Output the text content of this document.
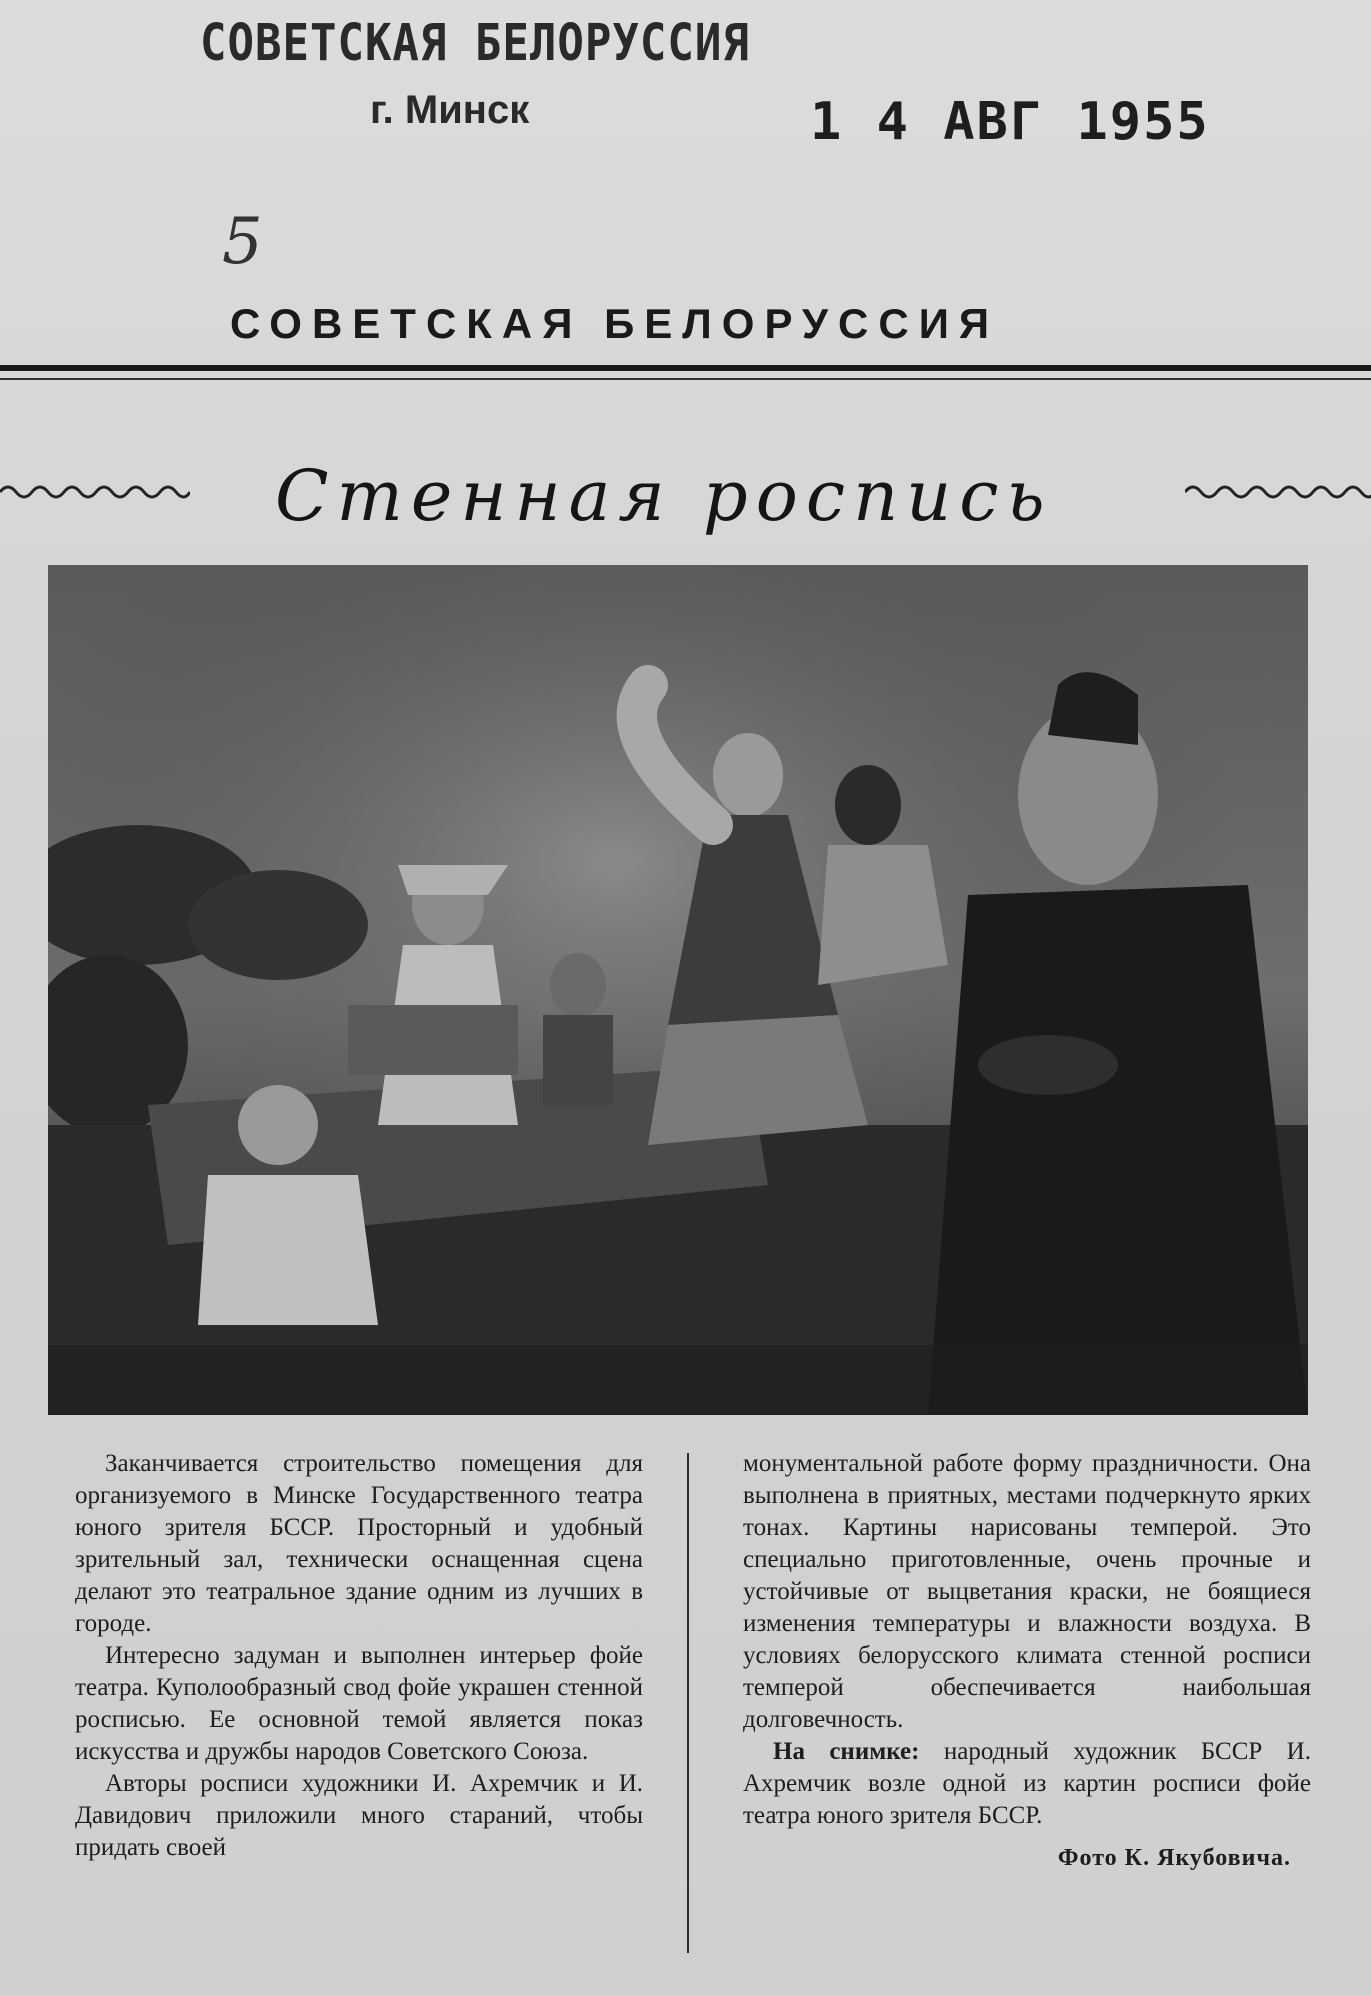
СОВЕТСКАЯ БЕЛОРУССИЯ
г. Минск	1 4 АВГ 1955
5
СОВЕТСКАЯ БЕЛОРУССИЯ
Стенная роспись

Заканчивается строительство помещения для организуемого в Минске Государственного театра юного зрителя БССР. Просторный и удобный зрительный зал, технически оснащенная сцена делают это театральное здание одним из лучших в городе.

Интересно задуман и выполнен интерьер фойе театра. Куполообразный свод фойе украшен стенной росписью. Ее основной темой является показ искусства и дружбы народов Советского Союза.

Авторы росписи художники И. Ахремчик и И. Давидович приложили много стараний, чтобы придать своей

монументальной работе форму праздничности. Она выполнена в приятных, местами подчеркнуто ярких тонах. Картины нарисованы темперой. Это специально приготовленные, очень прочные и устойчивые от выцветания краски, не боящиеся изменения температуры и влажности воздуха. В условиях белорусского климата стенной росписи темперой обеспечивается наибольшая долговечность.

На снимке: народный художник БССР И. Ахремчик возле одной из картин росписи фойе театра юного зрителя БССР.

Фото К. Якубовича.
